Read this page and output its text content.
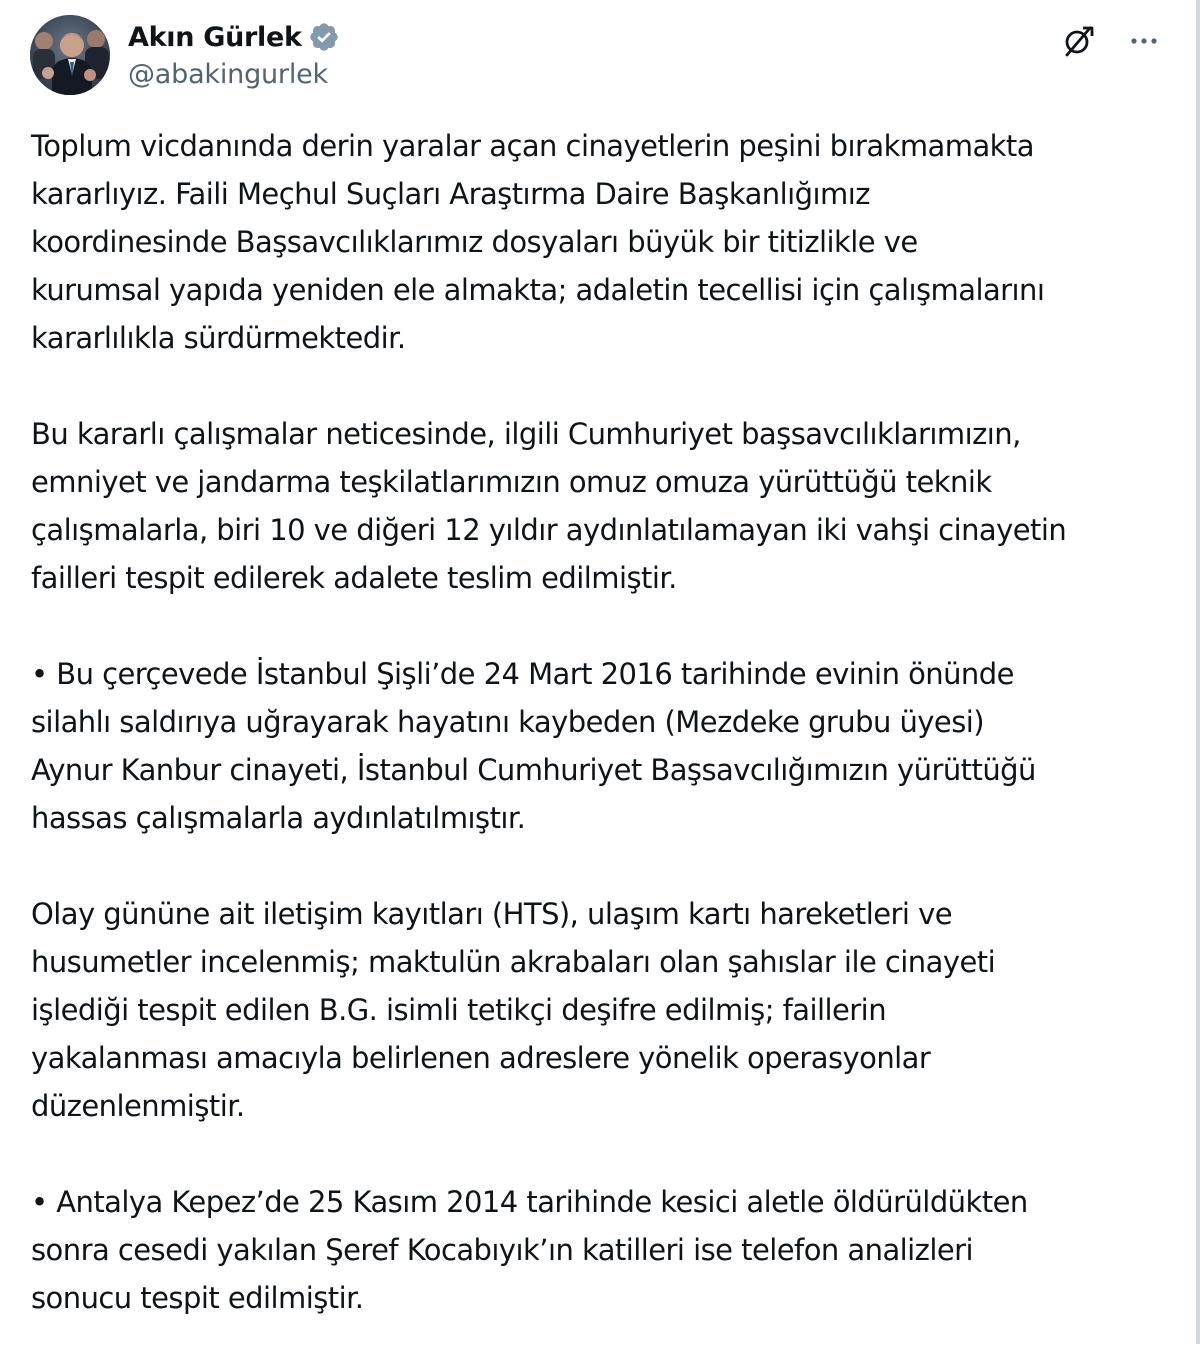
Akın Gürlek
@abakingurlek
Toplum vicdanında derin yaralar açan cinayetlerin peşini bırakmamakta
kararlıyız. Faili Meçhul Suçları Araştırma Daire Başkanlığımız
koordinesinde Başsavcılıklarımız dosyaları büyük bir titizlikle ve
kurumsal yapıda yeniden ele almakta; adaletin tecellisi için çalışmalarını
kararlılıkla sürdürmektedir.
Bu kararlı çalışmalar neticesinde, ilgili Cumhuriyet başsavcılıklarımızın,
emniyet ve jandarma teşkilatlarımızın omuz omuza yürüttüğü teknik
çalışmalarla, biri 10 ve diğeri 12 yıldır aydınlatılamayan iki vahşi cinayetin
failleri tespit edilerek adalete teslim edilmiştir.
• Bu çerçevede İstanbul Şişli’de 24 Mart 2016 tarihinde evinin önünde
silahlı saldırıya uğrayarak hayatını kaybeden (Mezdeke grubu üyesi)
Aynur Kanbur cinayeti, İstanbul Cumhuriyet Başsavcılığımızın yürüttüğü
hassas çalışmalarla aydınlatılmıştır.
Olay gününe ait iletişim kayıtları (HTS), ulaşım kartı hareketleri ve
husumetler incelenmiş; maktulün akrabaları olan şahıslar ile cinayeti
işlediği tespit edilen B.G. isimli tetikçi deşifre edilmiş; faillerin
yakalanması amacıyla belirlenen adreslere yönelik operasyonlar
düzenlenmiştir.
• Antalya Kepez’de 25 Kasım 2014 tarihinde kesici aletle öldürüldükten
sonra cesedi yakılan Şeref Kocabıyık’ın katilleri ise telefon analizleri
sonucu tespit edilmiştir.
